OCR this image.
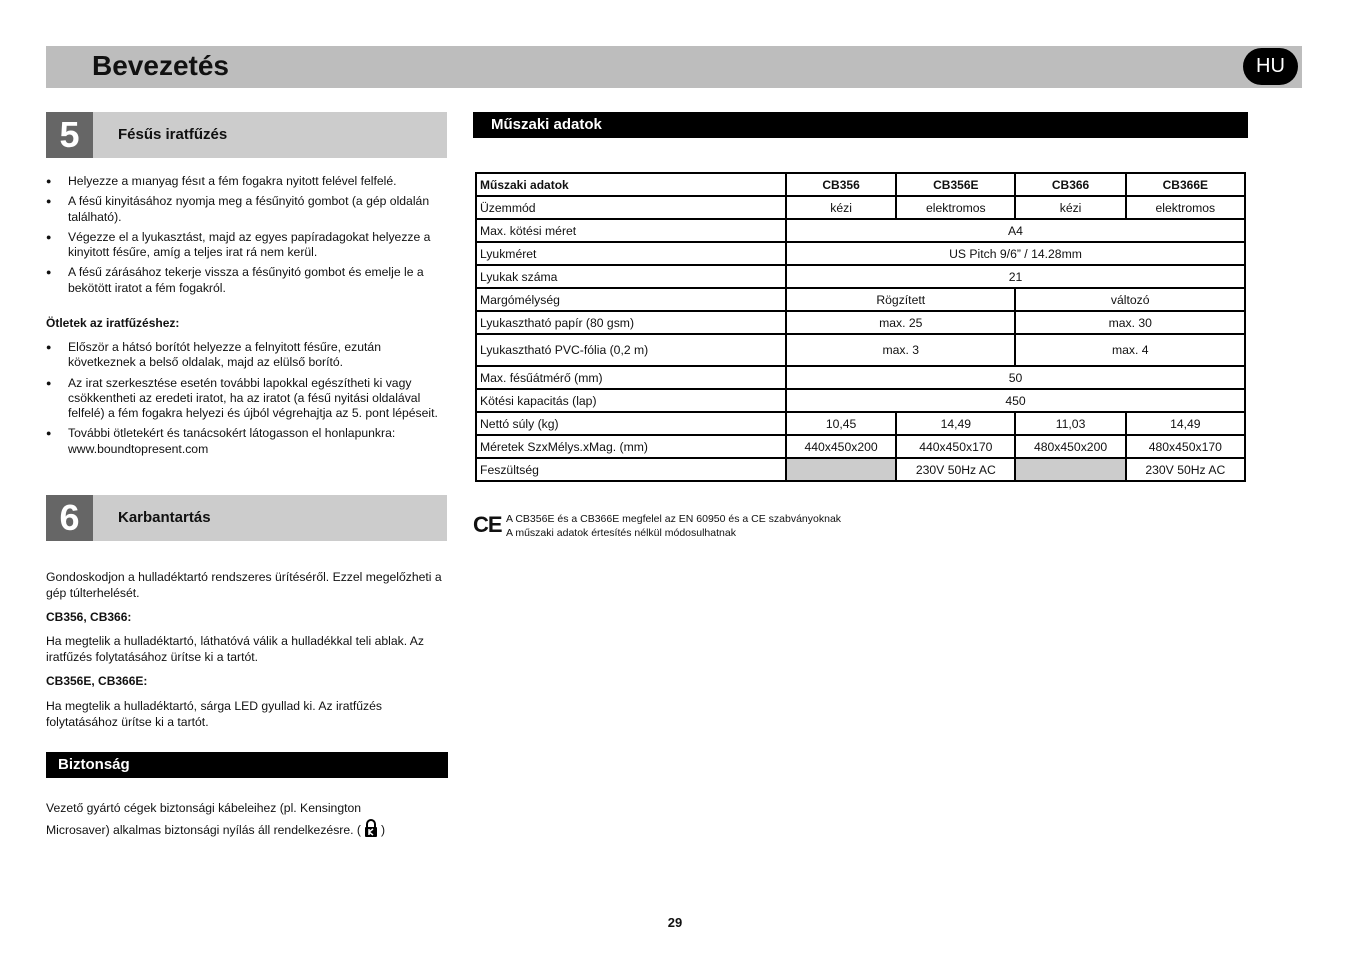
Bevezetés	HU
5	Fésűs iratfűzés
● Helyezze a mıanyag fésıt a fém fogakra nyitott felével felfelé.
● A fésű kinyitásához nyomja meg a fésűnyitó gombot (a gép oldalán található).
● Végezze el a lyukasztást, majd az egyes papíradagokat helyezze a kinyitott fésűre, amíg a teljes irat rá nem kerül.
● A fésű zárásához tekerje vissza a fésűnyitó gombot és emelje le a bekötött iratot a fém fogakról.
Ötletek az iratfűzéshez:
● Először a hátsó borítót helyezze a felnyitott fésűre, ezután következnek a belső oldalak, majd az elülső borító.
● Az irat szerkesztése esetén további lapokkal egészítheti ki vagy csökkentheti az eredeti iratot, ha az iratot (a fésű nyitási oldalával felfelé) a fém fogakra helyezi és újból végrehajtja az 5. pont lépéseit.
● További ötletekért és tanácsokért látogasson el honlapunkra: www.boundtopresent.com
6	Karbantartás
Gondoskodjon a hulladéktartó rendszeres ürítéséről. Ezzel megelőzheti a gép túlterhelését.
CB356, CB366:
Ha megtelik a hulladéktartó, láthatóvá válik a hulladékkal teli ablak. Az iratfűzés folytatásához ürítse ki a tartót.
CB356E, CB366E:
Ha megtelik a hulladéktartó, sárga LED gyullad ki. Az iratfűzés folytatásához ürítse ki a tartót.
Biztonság
Vezető gyártó cégek biztonsági kábeleihez (pl. Kensington
Microsaver) alkalmas biztonsági nyílás áll rendelkezésre. ( )
Műszaki adatok
Műszaki adatok	CB356	CB356E	CB366	CB366E
Üzemmód	kézi	elektromos	kézi	elektromos
Max. kötési méret	A4			
Lyukméret	US Pitch 9/6” / 14.28mm			
Lyukak száma	21			
Margómélység	Rögzített		változó	
Lyukasztható papír (80 gsm)	max. 25		max. 30	
Lyukasztható PVC-fólia (0,2 m)	max. 3		max. 4	
Max. fésűátmérő (mm)	50			
Kötési kapacitás (lap)	450			
Nettó súly (kg)	10,45	14,49	11,03	14,49
Méretek SzxMélys.xMag. (mm)	440x450x200	440x450x170	480x450x200	480x450x170
Feszültség		230V 50Hz AC		230V 50Hz AC
CE A CB356E és a CB366E megfelel az EN 60950 és a CE szabványoknak
A műszaki adatok értesítés nélkül módosulhatnak
29
